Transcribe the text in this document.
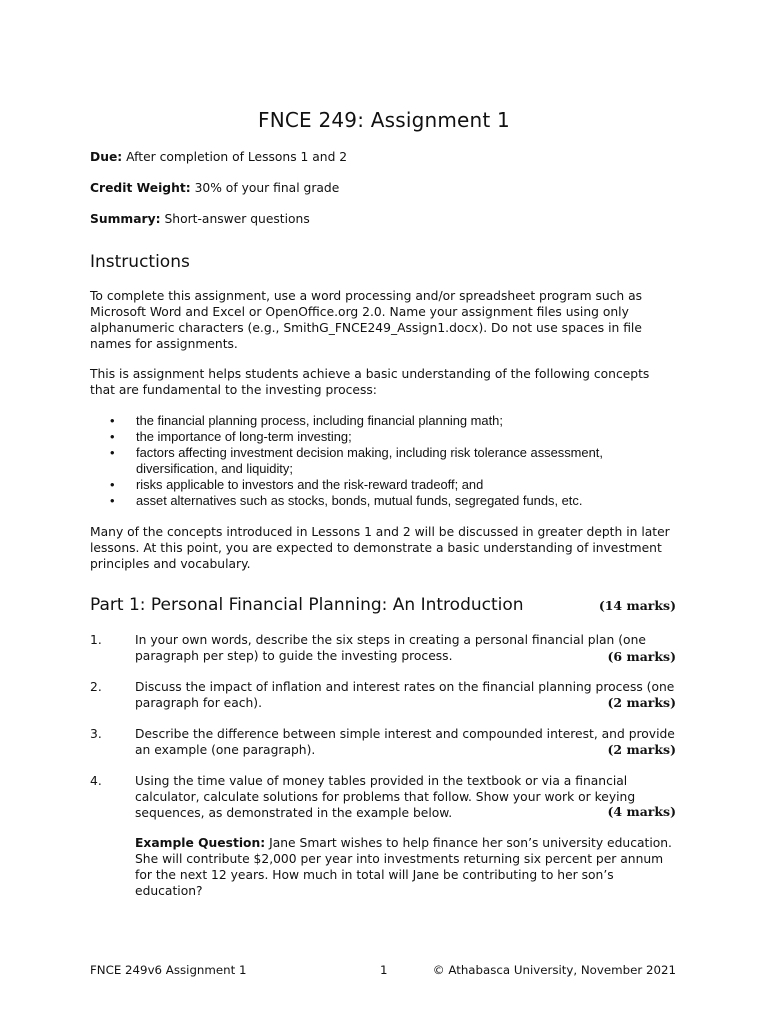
FNCE 249: Assignment 1
Due: After completion of Lessons 1 and 2
Credit Weight: 30% of your final grade
Summary: Short-answer questions
Instructions

To complete this assignment, use a word processing and/or spreadsheet program such as Microsoft Word and Excel or OpenOffice.org 2.0. Name your assignment files using only alphanumeric characters (e.g., SmithG_FNCE249_Assign1.docx). Do not use spaces in file names for assignments.

This is assignment helps students achieve a basic understanding of the following concepts that are fundamental to the investing process:

• the financial planning process, including financial planning math;
• the importance of long-term investing;
• factors affecting investment decision making, including risk tolerance assessment, diversification, and liquidity;
• risks applicable to investors and the risk-reward tradeoff; and
• asset alternatives such as stocks, bonds, mutual funds, segregated funds, etc.

Many of the concepts introduced in Lessons 1 and 2 will be discussed in greater depth in later lessons. At this point, you are expected to demonstrate a basic understanding of investment principles and vocabulary.

Part 1: Personal Financial Planning: An Introduction	(14 marks)
1.	In your own words, describe the six steps in creating a personal financial plan (one paragraph per step) to guide the investing process.	(6 marks)
2.	Discuss the impact of inflation and interest rates on the financial planning process (one paragraph for each).	(2 marks)
3.	Describe the difference between simple interest and compounded interest, and provide an example (one paragraph).	(2 marks)
4.	Using the time value of money tables provided in the textbook or via a financial calculator, calculate solutions for problems that follow. Show your work or keying sequences, as demonstrated in the example below.	(4 marks)
Example Question: Jane Smart wishes to help finance her son’s university education. She will contribute $2,000 per year into investments returning six percent per annum for the next 12 years. How much in total will Jane be contributing to her son’s education?
FNCE 249v6 Assignment 1	1	© Athabasca University, November 2021
